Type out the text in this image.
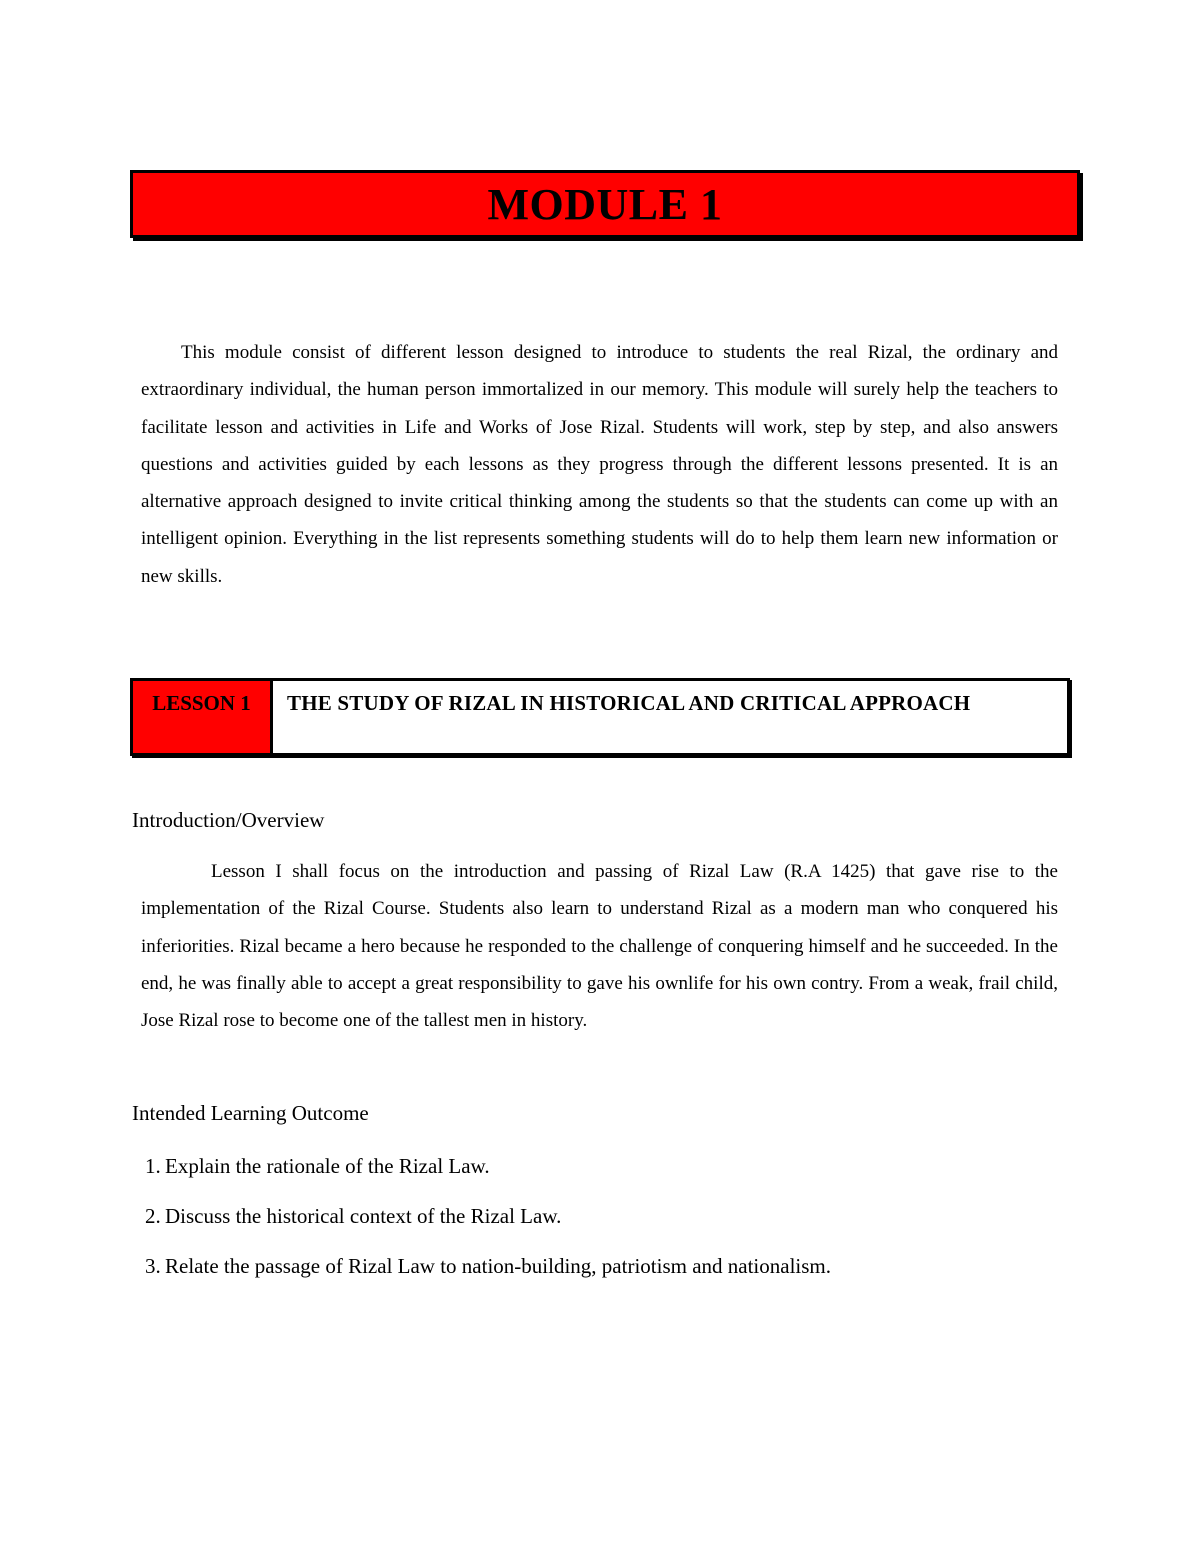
MODULE 1

This module consist of different lesson designed to introduce to students the real Rizal, the ordinary and extraordinary individual, the human person immortalized in our memory. This module will surely help the teachers to facilitate lesson and activities in Life and Works of Jose Rizal. Students will work, step by step, and also answers questions and activities guided by each lessons as they progress through the different lessons presented. It is an alternative approach designed to invite critical thinking among the students so that the students can come up with an intelligent opinion. Everything in the list represents something students will do to help them learn new information or new skills.

LESSON 1	THE STUDY OF RIZAL IN HISTORICAL AND CRITICAL APPROACH
Introduction/Overview

Lesson I shall focus on the introduction and passing of Rizal Law (R.A 1425) that gave rise to the implementation of the Rizal Course. Students also learn to understand Rizal as a modern man who conquered his inferiorities. Rizal became a hero because he responded to the challenge of conquering himself and he succeeded. In the end, he was finally able to accept a great responsibility to gave his ownlife for his own contry. From a weak, frail child, Jose Rizal rose to become one of the tallest men in history.

Intended Learning Outcome
1. Explain the rationale of the Rizal Law.
2. Discuss the historical context of the Rizal Law.
3. Relate the passage of Rizal Law to nation-building, patriotism and nationalism.
